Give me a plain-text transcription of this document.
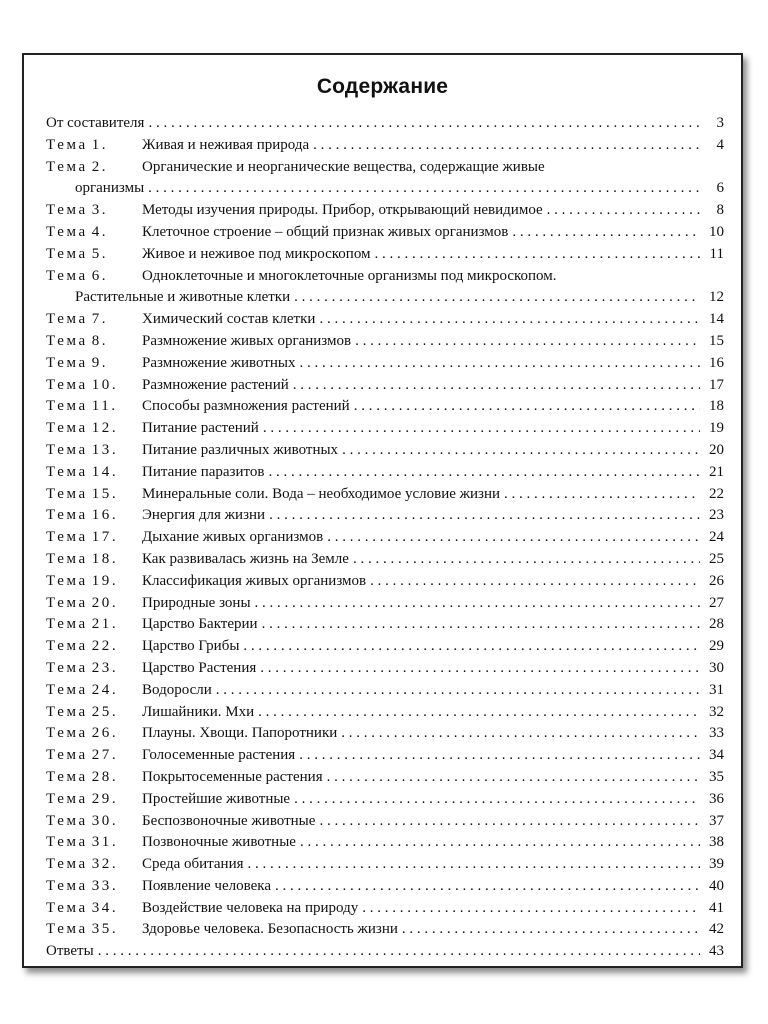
Содержание
От составителя . . .	3
Тема 1.	Живая и неживая природа . . .	4
Тема 2.	Органические и неорганические вещества, содержащие живые
организмы . . .	6
Тема 3.	Методы изучения природы. Прибор, открывающий невидимое . . .	8
Тема 4.	Клеточное строение – общий признак живых организмов . . .	10
Тема 5.	Живое и неживое под микроскопом . . .	11
Тема 6.	Одноклеточные и многоклеточные организмы под микроскопом.
Растительные и животные клетки . . .	12
Тема 7.	Химический состав клетки . . .	14
Тема 8.	Размножение живых организмов . . .	15
Тема 9.	Размножение животных . . .	16
Тема 10.	Размножение растений . . .	17
Тема 11.	Способы размножения растений . . .	18
Тема 12.	Питание растений . . .	19
Тема 13.	Питание различных животных . . .	20
Тема 14.	Питание паразитов . . .	21
Тема 15.	Минеральные соли. Вода – необходимое условие жизни . . .	22
Тема 16.	Энергия для жизни . . .	23
Тема 17.	Дыхание живых организмов . . .	24
Тема 18.	Как развивалась жизнь на Земле . . .	25
Тема 19.	Классификация живых организмов . . .	26
Тема 20.	Природные зоны . . .	27
Тема 21.	Царство Бактерии . . .	28
Тема 22.	Царство Грибы . . .	29
Тема 23.	Царство Растения . . .	30
Тема 24.	Водоросли . . .	31
Тема 25.	Лишайники. Мхи . . .	32
Тема 26.	Плауны. Хвощи. Папоротники . . .	33
Тема 27.	Голосеменные растения . . .	34
Тема 28.	Покрытосеменные растения . . .	35
Тема 29.	Простейшие животные . . .	36
Тема 30.	Беспозвоночные животные . . .	37
Тема 31.	Позвоночные животные . . .	38
Тема 32.	Среда обитания . . .	39
Тема 33.	Появление человека . . .	40
Тема 34.	Воздействие человека на природу . . .	41
Тема 35.	Здоровье человека. Безопасность жизни . . .	42
Ответы . . .	43
